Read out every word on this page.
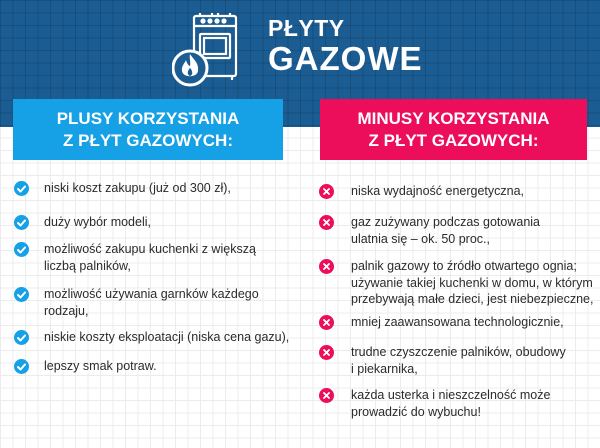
PŁYTY
GAZOWE
PLUSY KORZYSTANIA
Z PŁYT GAZOWYCH:
MINUSY KORZYSTANIA
Z PŁYT GAZOWYCH:
niski koszt zakupu (już od 300 zł),
duży wybór modeli,
możliwość zakupu kuchenki z większą
liczbą palników,
możliwość używania garnków każdego
rodzaju,
niskie koszty eksploatacji (niska cena gazu),
lepszy smak potraw.
niska wydajność energetyczna,
gaz zużywany podczas gotowania
ulatnia się – ok. 50 proc.,
palnik gazowy to źródło otwartego ognia;
używanie takiej kuchenki w domu, w którym
przebywają małe dzieci, jest niebezpieczne,
mniej zaawansowana technologicznie,
trudne czyszczenie palników, obudowy
i piekarnika,
każda usterka i nieszczelność może
prowadzić do wybuchu!
